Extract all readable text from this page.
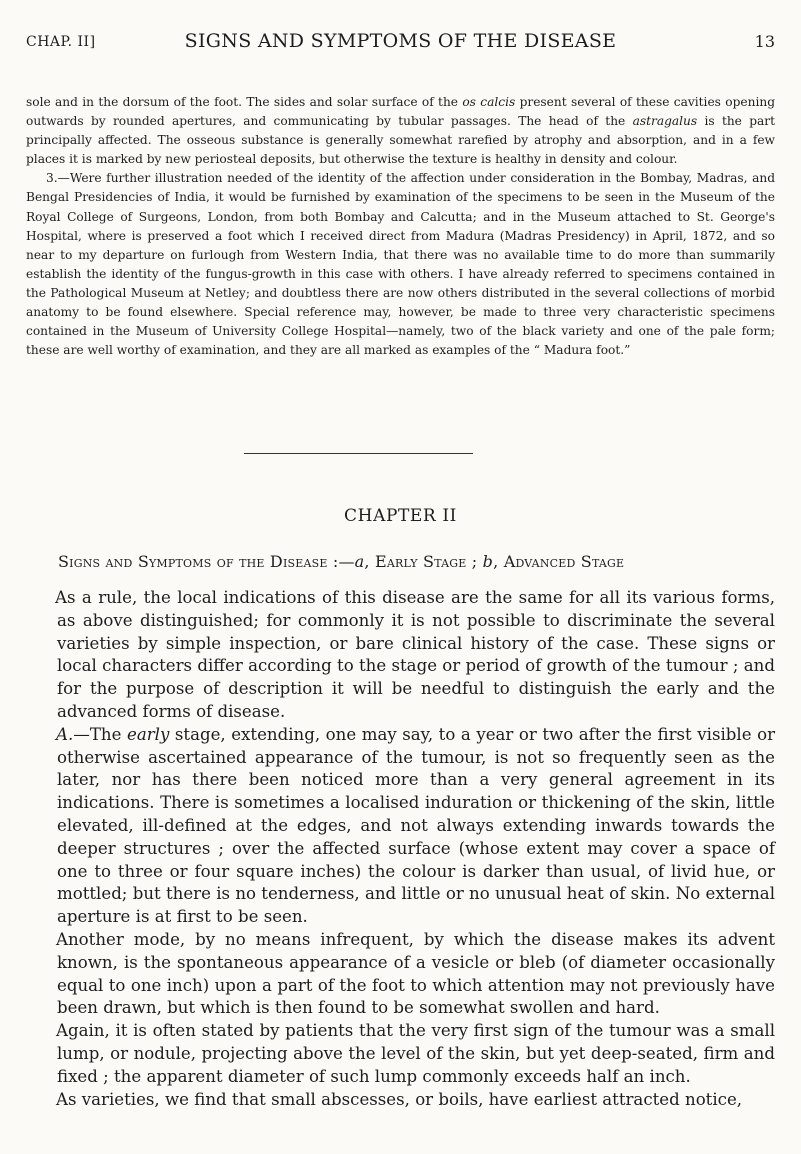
CHAP. II]	SIGNS AND SYMPTOMS OF THE DISEASE	13

sole and in the dorsum of the foot. The sides and solar surface of the os calcis present several of these cavities opening outwards by rounded apertures, and communicating by tubular passages. The head of the astragalus is the part principally affected. The osseous substance is generally somewhat rarefied by atrophy and absorption, and in a few places it is marked by new periosteal deposits, but otherwise the texture is healthy in density and colour.

3.—Were further illustration needed of the identity of the affection under consideration in the Bombay, Madras, and Bengal Presidencies of India, it would be furnished by examination of the specimens to be seen in the Museum of the Royal College of Surgeons, London, from both Bombay and Calcutta; and in the Museum attached to St. George's Hospital, where is preserved a foot which I received direct from Madura (Madras Presidency) in April, 1872, and so near to my departure on furlough from Western India, that there was no available time to do more than summarily establish the identity of the fungus-growth in this case with others. I have already referred to specimens contained in the Pathological Museum at Netley; and doubtless there are now others distributed in the several collections of morbid anatomy to be found elsewhere. Special reference may, however, be made to three very characteristic specimens contained in the Museum of University College Hospital—namely, two of the black variety and one of the pale form; these are well worthy of examination, and they are all marked as examples of the “ Madura foot.”

CHAPTER II
Signs and Symptoms of the Disease :—a, Early Stage ; b, Advanced Stage

As a rule, the local indications of this disease are the same for all its various forms, as above distinguished; for commonly it is not possible to discriminate the several varieties by simple inspection, or bare clinical history of the case. These signs or local characters differ according to the stage or period of growth of the tumour ; and for the purpose of description it will be needful to distinguish the early and the advanced forms of disease.

A.—The early stage, extending, one may say, to a year or two after the first visible or otherwise ascertained appearance of the tumour, is not so frequently seen as the later, nor has there been noticed more than a very general agreement in its indications. There is sometimes a localised induration or thickening of the skin, little elevated, ill-defined at the edges, and not always extending inwards towards the deeper structures ; over the affected surface (whose extent may cover a space of one to three or four square inches) the colour is darker than usual, of livid hue, or mottled; but there is no tenderness, and little or no unusual heat of skin. No external aperture is at first to be seen.

Another mode, by no means infrequent, by which the disease makes its advent known, is the spontaneous appearance of a vesicle or bleb (of diameter occasionally equal to one inch) upon a part of the foot to which attention may not previously have been drawn, but which is then found to be somewhat swollen and hard.

Again, it is often stated by patients that the very first sign of the tumour was a small lump, or nodule, projecting above the level of the skin, but yet deep-seated, firm and fixed ; the apparent diameter of such lump commonly exceeds half an inch.

As varieties, we find that small abscesses, or boils, have earliest attracted notice,
